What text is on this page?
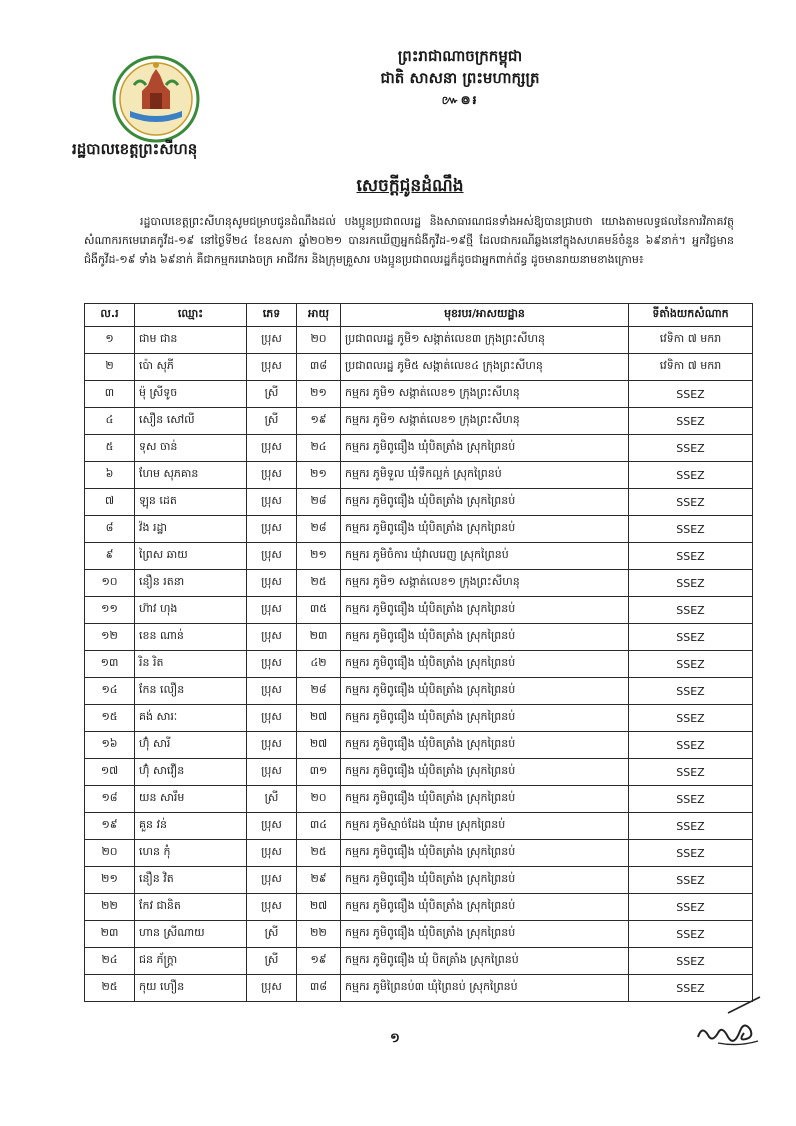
រដ្ឋបាលខេត្តព្រះសីហនុ
ព្រះរាជាណាចក្រកម្ពុជា
ជាតិ សាសនា ព្រះមហាក្សត្រ
៚៙៛
សេចក្តីជូនដំណឹង
រដ្ឋបាលខេត្តព្រះសីហនុសូមជម្រាបជូនដំណឹងដល់ បងប្អូនប្រជាពលរដ្ឋ និងសាធារណជនទាំងអស់ឱ្យបានជ្រាបថា យោងតាមលទ្ធផលនៃការវិភាគវត្ថុសំណាករកមេរោគកូវីដ-១៩ នៅថ្ងៃទី២៤ ខែឧសភា ឆ្នាំ២០២១ បានរកឃើញអ្នកជំងឺកូវីដ-១៩ថ្មី ដែលជាករណីឆ្លងនៅក្នុងសហគមន៍ចំនួន ៦៩នាក់។ អ្នកវិជ្ជមានជំងឺកូវីដ-១៩ ទាំង ៦៩នាក់ គឺជាកម្មកររោងចក្រ អាជីវករ និងក្រុមគ្រួសារ បងប្អូនប្រជាពលរដ្ឋក៏ដូចជាអ្នកពាក់ព័ន្ធ ដូចមានរាយនាមខាងក្រោម៖
ល.រ	ឈ្មោះ	ភេទ	អាយុ	មុខរបរ/អាសយដ្ឋាន	ទីតាំងយកសំណាក
១	ជាម ជាន	ប្រុស	២០	ប្រជាពលរដ្ឋ ភូមិ១ សង្កាត់លេខ៣ ក្រុងព្រះសីហនុ	វេទិកា ៧ មករា
២	ប៉ោ សុភី	ប្រុស	៣៨	ប្រជាពលរដ្ឋ ភូមិ៥ សង្កាត់លេខ៤ ក្រុងព្រះសីហនុ	វេទិកា ៧ មករា
៣	ម៉ុ ស្រីទូច	ស្រី	២១	កម្មករ ភូមិ១ សង្កាត់លេខ១ ក្រុងព្រះសីហនុ	SSEZ
៤	សឿន សៅលី	ស្រី	១៩	កម្មករ ភូមិ១ សង្កាត់លេខ១ ក្រុងព្រះសីហនុ	SSEZ
៥	ទុស ចាន់	ប្រុស	២៤	កម្មករ ភូមិពូធឿង ឃុំបិតត្រាំង ស្រុកព្រៃនប់	SSEZ
៦	ហែម សុភគាន	ប្រុស	២១	កម្មករ ភូមិទួល ឃុំទឹកល្អក់ ស្រុកព្រៃនប់	SSEZ
៧	ឡុន ដេត	ប្រុស	២៨	កម្មករ ភូមិពូធឿង ឃុំបិតត្រាំង ស្រុកព្រៃនប់	SSEZ
៨	វ៉ង រដ្ឋា	ប្រុស	២៨	កម្មករ ភូមិពូធឿង ឃុំបិតត្រាំង ស្រុកព្រៃនប់	SSEZ
៩	ព្រៃស ឆាយ	ប្រុស	២១	កម្មករ ភូមិចំការ ឃុំវាលរេញ ស្រុកព្រៃនប់	SSEZ
១០	នឿន រតនា	ប្រុស	២៥	កម្មករ ភូមិ១ សង្កាត់លេខ១ ក្រុងព្រះសីហនុ	SSEZ
១១	ហ៊ាវ ហុង	ប្រុស	៣៥	កម្មករ ភូមិពូធឿង ឃុំបិតត្រាំង ស្រុកព្រៃនប់	SSEZ
១២	ខេន ណាន់	ប្រុស	២៣	កម្មករ ភូមិពូធឿង ឃុំបិតត្រាំង ស្រុកព្រៃនប់	SSEZ
១៣	រិន រិត	ប្រុស	៤២	កម្មករ ភូមិពូធឿង ឃុំបិតត្រាំង ស្រុកព្រៃនប់	SSEZ
១៤	កែន លឿន	ប្រុស	២៨	កម្មករ ភូមិពូធឿង ឃុំបិតត្រាំង ស្រុកព្រៃនប់	SSEZ
១៥	គង់ សារៈ	ប្រុស	២៧	កម្មករ ភូមិពូធឿង ឃុំបិតត្រាំង ស្រុកព្រៃនប់	SSEZ
១៦	ហ៊ុំ សារី	ប្រុស	២៧	កម្មករ ភូមិពូធឿង ឃុំបិតត្រាំង ស្រុកព្រៃនប់	SSEZ
១៧	ហ៊ុំ សាវឿន	ប្រុស	៣១	កម្មករ ភូមិពូធឿង ឃុំបិតត្រាំង ស្រុកព្រៃនប់	SSEZ
១៨	យន សារឹម	ស្រី	២០	កម្មករ ភូមិពូធឿង ឃុំបិតត្រាំង ស្រុកព្រៃនប់	SSEZ
១៩	គួន វន់	ប្រុស	៣៤	កម្មករ ភូមិស្មាច់ដែង ឃុំរាម ស្រុកព្រៃនប់	SSEZ
២០	ហេន កុំ	ប្រុស	២៥	កម្មករ ភូមិពូធឿង ឃុំបិតត្រាំង ស្រុកព្រៃនប់	SSEZ
២១	នឿន វិត	ប្រុស	២៩	កម្មករ ភូមិពូធឿង ឃុំបិតត្រាំង ស្រុកព្រៃនប់	SSEZ
២២	កែវ ជានិត	ប្រុស	២៧	កម្មករ ភូមិពូធឿង ឃុំបិតត្រាំង ស្រុកព្រៃនប់	SSEZ
២៣	ហាន ស្រីណាយ	ស្រី	២២	កម្មករ ភូមិពូធឿង ឃុំបិតត្រាំង ស្រុកព្រៃនប់	SSEZ
២៤	ជន ភ័ក្ត្រា	ស្រី	១៩	កម្មករ ភូមិពូធឿង ឃុំ បិតត្រាំង ស្រុកព្រៃនប់	SSEZ
២៥	កុយ ហឿន	ប្រុស	៣៨	កម្មករ ភូមិព្រៃនប់៣ ឃុំព្រៃនប់ ស្រុកព្រៃនប់	SSEZ
១
